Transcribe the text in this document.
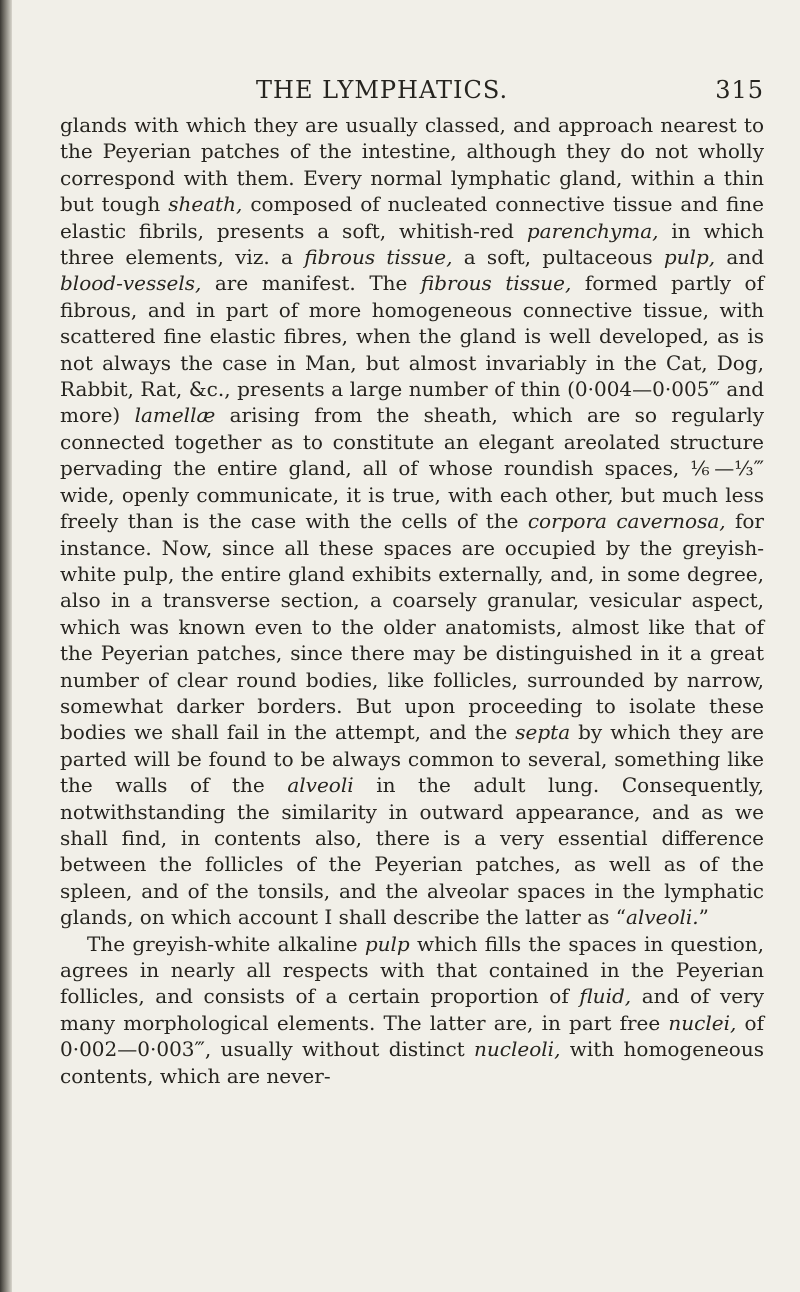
THE LYMPHATICS.	315

glands with which they are usually classed, and approach nearest to the Peyerian patches of the intestine, although they do not wholly correspond with them. Every normal lymphatic gland, within a thin but tough sheath, composed of nucleated connective tissue and fine elastic fibrils, presents a soft, whitish-red parenchyma, in which three elements, viz. a fibrous tissue, a soft, pultaceous pulp, and blood-vessels, are manifest. The fibrous tissue, formed partly of fibrous, and in part of more homogeneous connective tissue, with scattered fine elastic fibres, when the gland is well developed, as is not always the case in Man, but almost invariably in the Cat, Dog, Rabbit, Rat, &c., presents a large number of thin (0·004—0·005‴ and more) lamellæ arising from the sheath, which are so regularly connected together as to constitute an elegant areolated structure pervading the entire gland, all of whose roundish spaces, ⅙—⅓‴ wide, openly communicate, it is true, with each other, but much less freely than is the case with the cells of the corpora cavernosa, for instance. Now, since all these spaces are occupied by the greyish-white pulp, the entire gland exhibits externally, and, in some degree, also in a transverse section, a coarsely granular, vesicular aspect, which was known even to the older anatomists, almost like that of the Peyerian patches, since there may be distinguished in it a great number of clear round bodies, like follicles, surrounded by narrow, somewhat darker borders. But upon proceeding to isolate these bodies we shall fail in the attempt, and the septa by which they are parted will be found to be always common to several, something like the walls of the alveoli in the adult lung. Consequently, notwithstanding the similarity in outward appearance, and as we shall find, in contents also, there is a very essential difference between the follicles of the Peyerian patches, as well as of the spleen, and of the tonsils, and the alveolar spaces in the lymphatic glands, on which account I shall describe the latter as “alveoli.”

The greyish-white alkaline pulp which fills the spaces in question, agrees in nearly all respects with that contained in the Peyerian follicles, and consists of a certain proportion of fluid, and of very many morphological elements. The latter are, in part free nuclei, of 0·002—0·003‴, usually without distinct nucleoli, with homogeneous contents, which are never-
